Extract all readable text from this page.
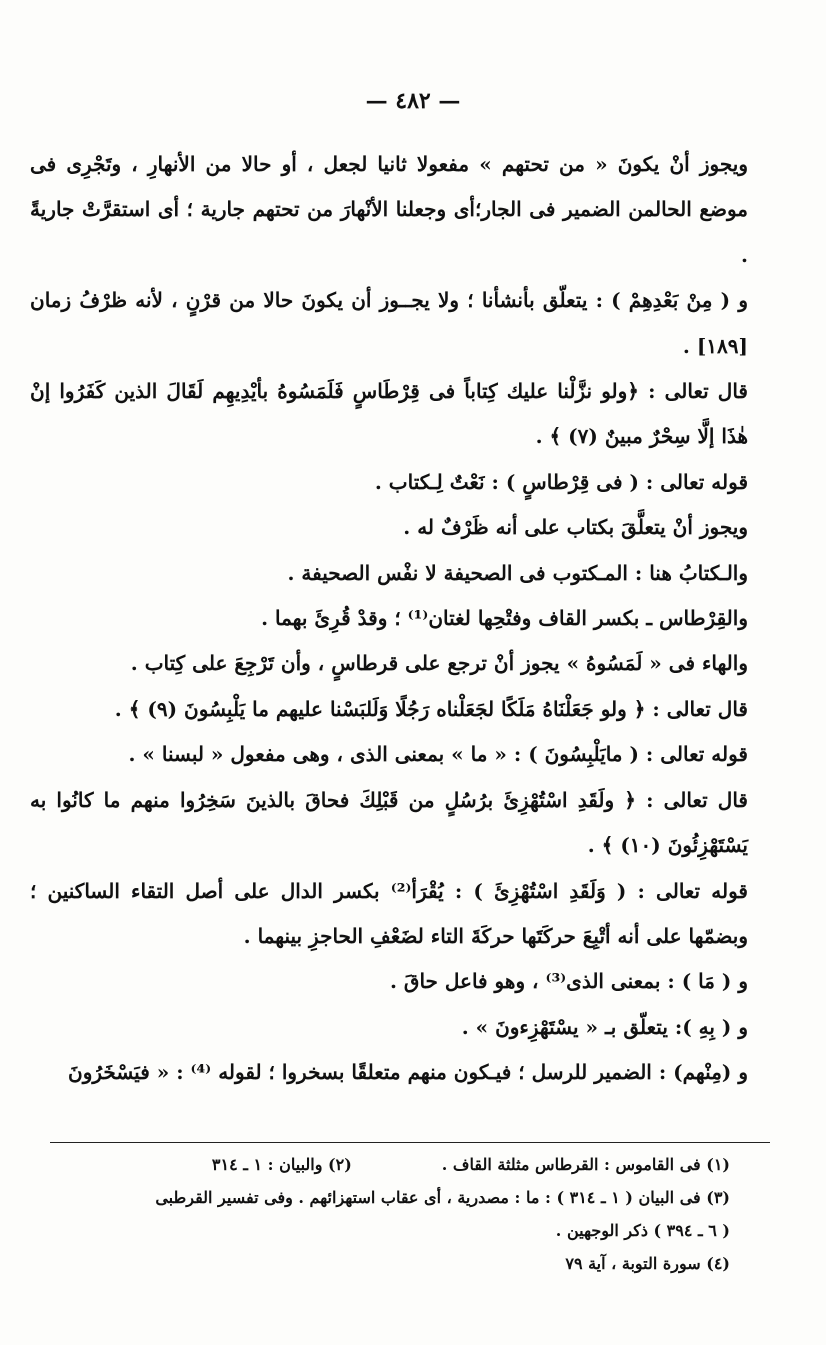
— ٤٨٢ —

ويجوز أنْ يكونَ « من تحتهم » مفعولا ثانيا لجعل ، أو حالا من الأنهارِ ، وتَجْرِى فى موضع الحالمن الضمير فى الجار؛أى وجعلنا الأنْهارَ من تحتهم جارية ؛ أى استقرَّتْ جاريةً .

و ( مِنْ بَعْدِهِمْ ) : يتعلّق بأنشأنا ؛ ولا يجــوز أن يكونَ حالا من قرْنٍ ، لأنه ظرْفُ زمان [١٨٩] .

قال تعالى : ﴿ولو نزَّلْنا عليك كِتاباً فى قِرْطَاسٍ فَلَمَسُوهُ بأيْدِيهِم لَقَالَ الذين كَفَرُوا إنْ هٰذَا إلَّا سِحْرٌ مبينٌ (٧) ﴾ .

قوله تعالى : ( فى قِرْطاسٍ ) : نَعْتٌ لِـكتاب .

ويجوز أنْ يتعلَّقَ بكتاب على أنه ظَرْفٌ له .

والـكتابُ هنا : المـكتوب فى الصحيفة لا نفْس الصحيفة .

والقِرْطاس ـ بكسر القاف وفتْحِها لغتان⁽¹⁾ ؛ وقدْ قُرِئَ بهما .

والهاء فى « لَمَسُوهُ » يجوز أنْ ترجع على قرطاسٍ ، وأن تَرْجِعَ على كِتاب .

قال تعالى : ﴿ ولو جَعَلْنَاهُ مَلَكًا لجَعَلْناه رَجُلًا وَلَلبَسْنا عليهم ما يَلْبِسُونَ (٩) ﴾ .

قوله تعالى : ( مايَلْبِسُونَ ) : « ما » بمعنى الذى ، وهى مفعول « لبسنا » .

قال تعالى : ﴿ ولَقَدِ اسْتُهْزِئَ برُسُلٍ من قَبْلِكَ فحاقَ بالذينَ سَخِرُوا منهم ما كانُوا به يَسْتَهْزِئُونَ (١٠) ﴾ .

قوله تعالى : ( وَلَقَدِ اسْتُهْزِئَ ) : يُقْرَأ⁽²⁾ بكسر الدال على أصل التقاء الساكنين ؛ وبضمّها على أنه أتْبِعَ حركَتَها حركَةَ التاء لضَعْفِ الحاجزِ بينهما .

و ( مَا ) : بمعنى الذى⁽³⁾ ، وهو فاعل حاقَ .

و ( بِهِ ): يتعلّق بـ « يسْتَهْزِءونَ » .

و (مِنْهم) : الضمير للرسل ؛ فيـكون منهم متعلقًا بسخروا ؛ لقوله ⁽⁴⁾ : « فيَسْخَرُونَ

(١) فى القاموس : القرطاس مثلثة القاف .(٢) والبيان : ١ ـ ٣١٤

(٣) فى البيان ( ١ ـ ٣١٤ ) : ما : مصدرية ، أى عقاب استهزائهم . وفى تفسير القرطبى

( ٦ ـ ٣٩٤ ) ذكر الوجهين .

(٤) سورة التوبة ، آية ٧٩
